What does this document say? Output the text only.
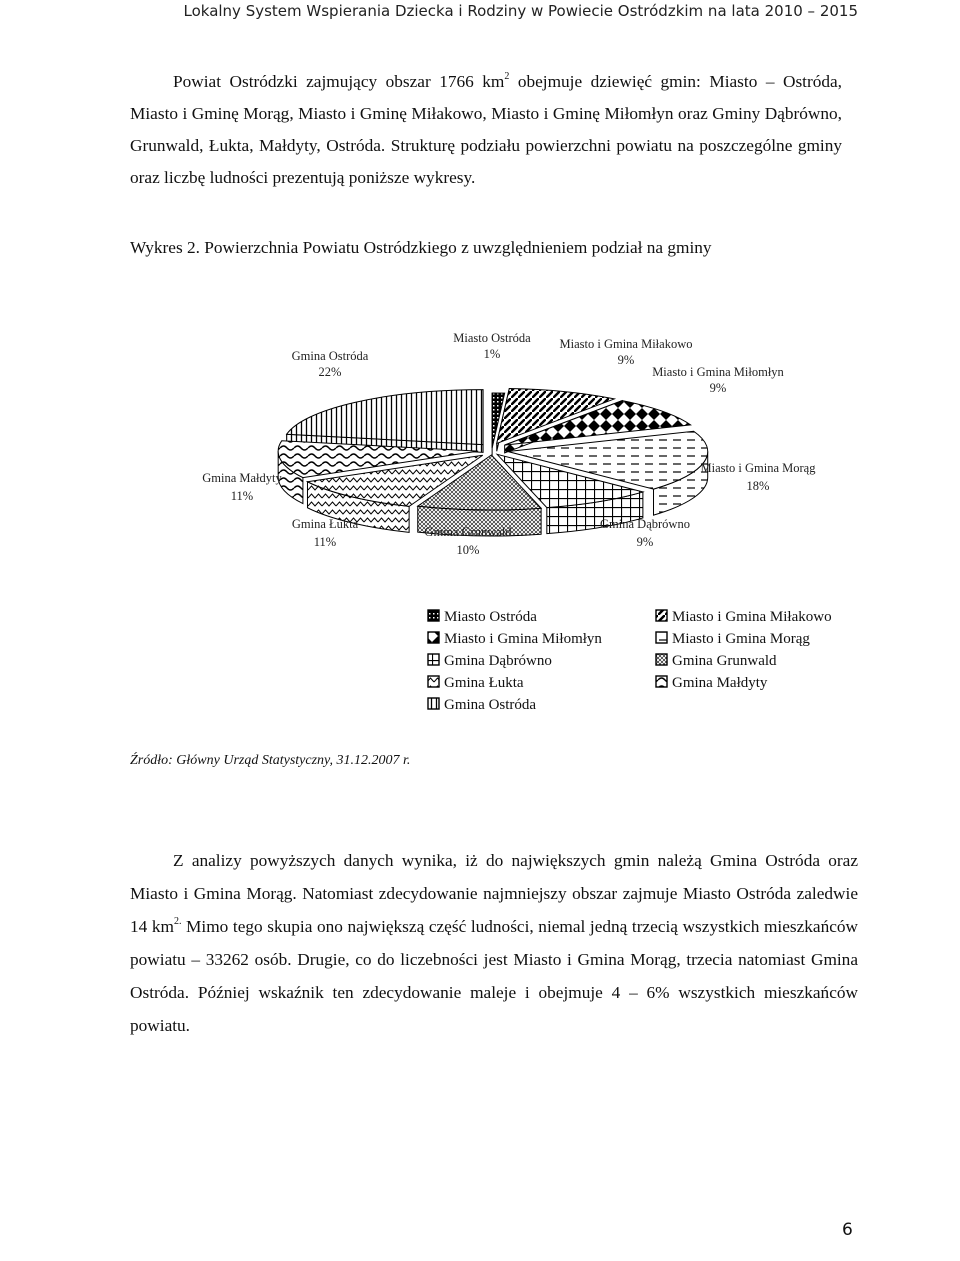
Lokalny System Wspierania Dziecka i Rodziny w Powiecie Ostródzkim na lata 2010 – 2015

Powiat Ostródzki zajmujący obszar 1766 $km^2$ obejmuje dziewięć gmin: Miasto – Ostróda, Miasto i Gminę Morąg, Miasto i Gminę Miłakowo, Miasto i Gminę Miłomłyn oraz Gminy Dąbrówno, Grunwald, Łukta, Małdyty, Ostróda. Strukturę podziału powierzchni powiatu na poszczególne gminy oraz liczbę ludności prezentują poniższe wykresy.

Wykres 2. Powierzchnia Powiatu Ostródzkiego z uwzględnieniem podział na gminy
Miasto Ostróda
1%
Miasto i Gmina Miłakowo
9%
Miasto i Gmina Miłomłyn
9%
Miasto i Gmina Morąg
18%
Gmina Dąbrówno
9%
Gmina Grunwald
10%
Gmina Łukta
11%
Gmina Małdyty
11%
Gmina Ostróda
22%
Miasto Ostróda	Miasto i Gmina Miłakowo
Miasto i Gmina Miłomłyn	Miasto i Gmina Morąg
Gmina Dąbrówno	Gmina Grunwald
Gmina Łukta	Gmina Małdyty
Gmina Ostróda
Źródło: Główny Urząd Statystyczny, 31.12.2007 r.

Z analizy powyższych danych wynika, iż do największych gmin należą Gmina Ostróda oraz Miasto i Gmina Morąg. Natomiast zdecydowanie najmniejszy obszar zajmuje Miasto Ostróda zaledwie 14 $km^{2.}$ Mimo tego skupia ono największą część ludności, niemal jedną trzecią wszystkich mieszkańców powiatu – 33262 osób. Drugie, co do liczebności jest Miasto i Gmina Morąg, trzecia natomiast Gmina Ostróda. Później wskaźnik ten zdecydowanie maleje i obejmuje 4 – 6% wszystkich mieszkańców powiatu.

6
